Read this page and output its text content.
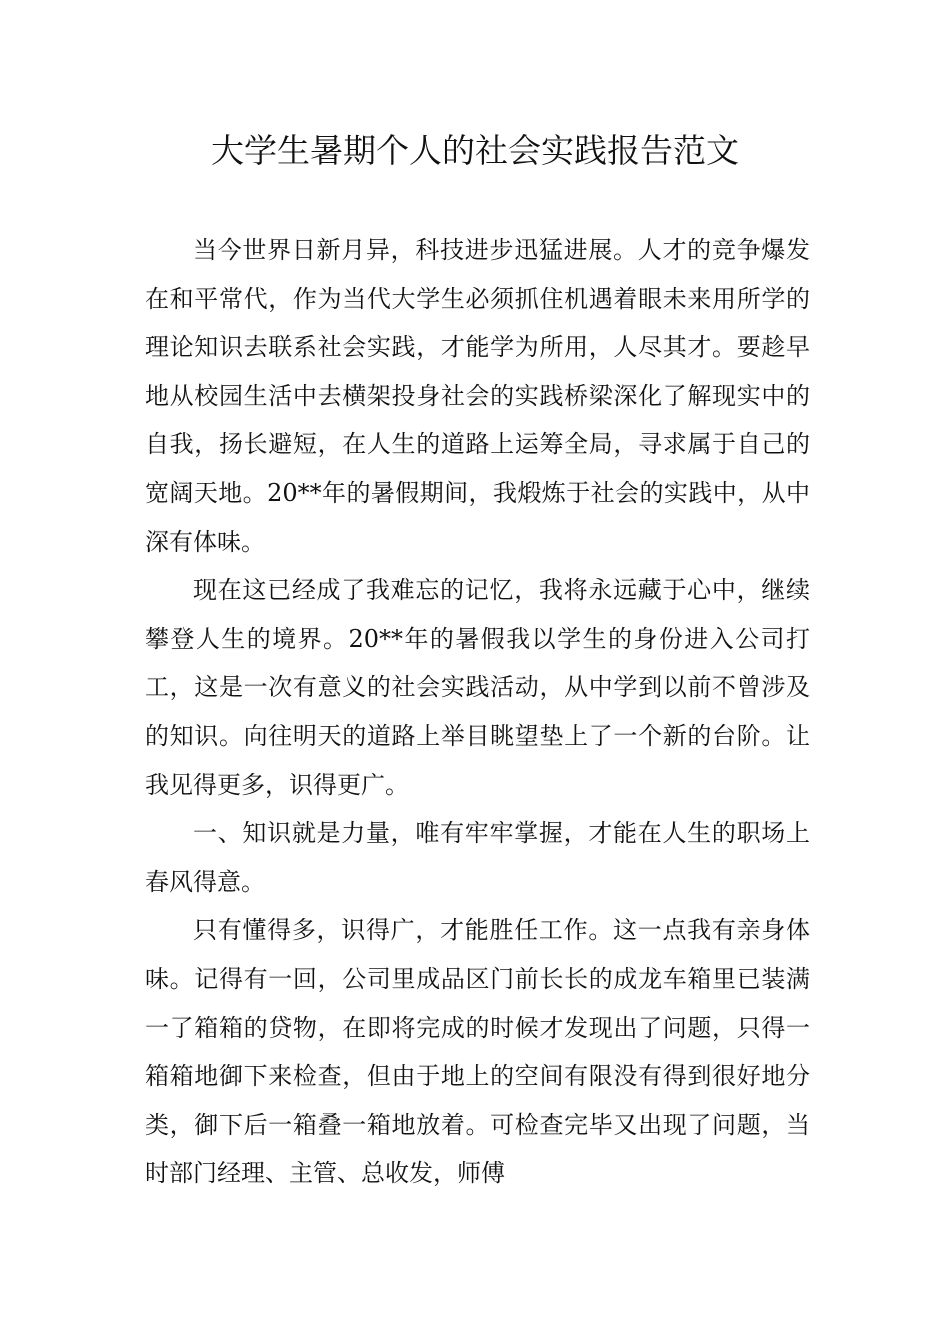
大学生暑期个人的社会实践报告范文

当今世界日新月异，科技进步迅猛进展。人才的竞争爆发在和平常代，作为当代大学生必须抓住机遇着眼未来用所学的理论知识去联系社会实践，才能学为所用，人尽其才。要趁早地从校园生活中去横架投身社会的实践桥梁深化了解现实中的自我，扬长避短，在人生的道路上运筹全局，寻求属于自己的宽阔天地。20**年的暑假期间，我煅炼于社会的实践中，从中深有体味。

现在这已经成了我难忘的记忆，我将永远藏于心中，继续攀登人生的境界。20**年的暑假我以学生的身份进入公司打工，这是一次有意义的社会实践活动，从中学到以前不曾涉及的知识。向往明天的道路上举目眺望垫上了一个新的台阶。让我见得更多，识得更广。

一、知识就是力量，唯有牢牢掌握，才能在人生的职场上春风得意。

只有懂得多，识得广，才能胜任工作。这一点我有亲身体味。记得有一回，公司里成品区门前长长的成龙车箱里已装满一了箱箱的贷物，在即将完成的时候才发现出了问题，只得一箱箱地御下来检查，但由于地上的空间有限没有得到很好地分类，御下后一箱叠一箱地放着。可检查完毕又出现了问题，当时部门经理、主管、总收发，师傅
